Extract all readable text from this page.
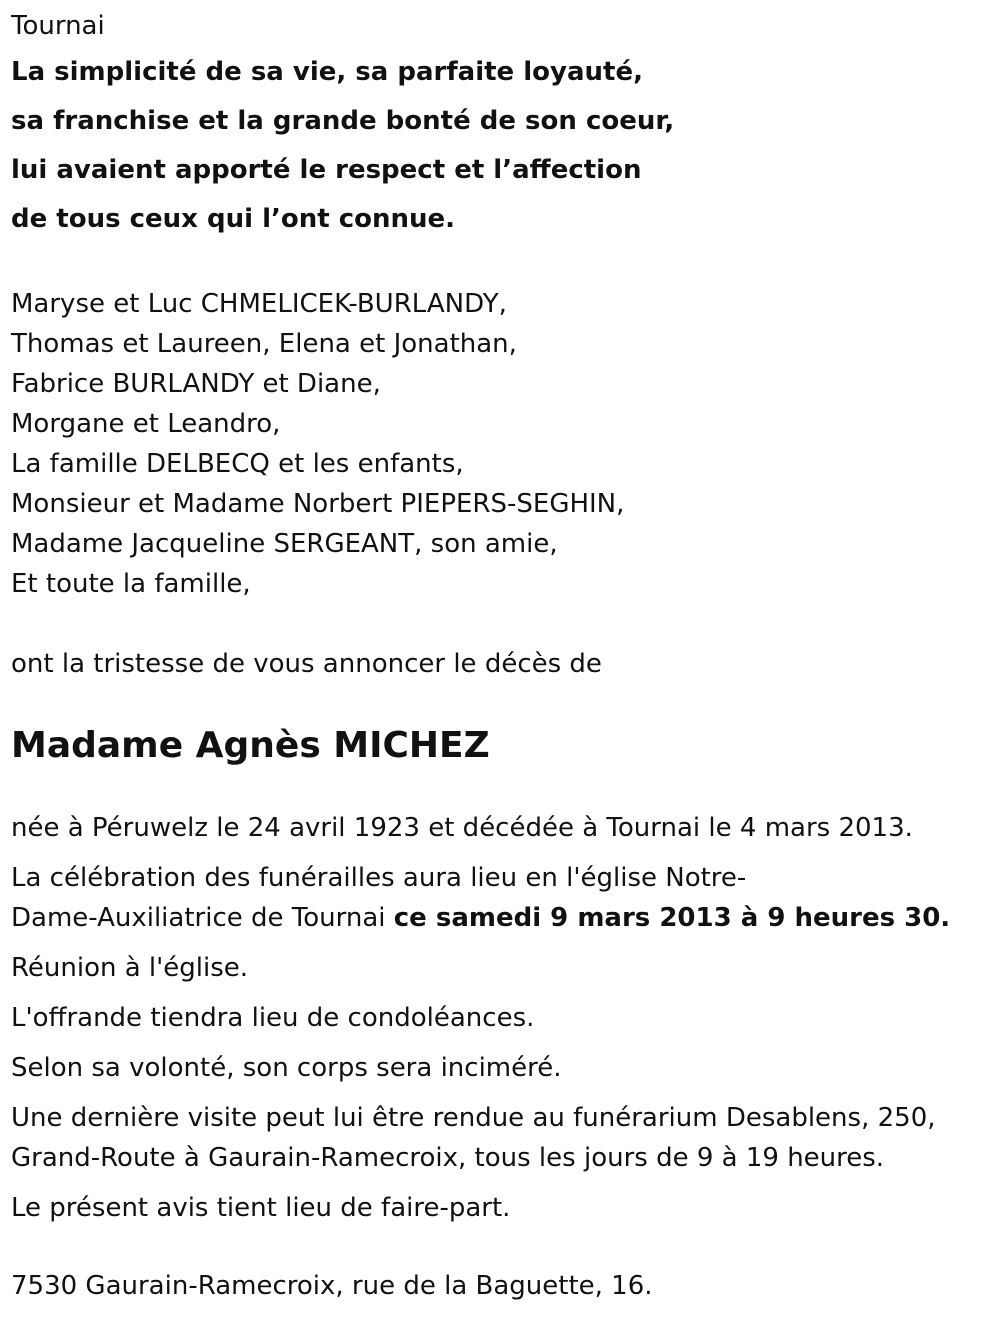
Tournai
La simplicité de sa vie, sa parfaite loyauté,
sa franchise et la grande bonté de son coeur,
lui avaient apporté le respect et l’affection
de tous ceux qui l’ont connue.
Maryse et Luc CHMELICEK-BURLANDY,
Thomas et Laureen, Elena et Jonathan,
Fabrice BURLANDY et Diane,
Morgane et Leandro,
La famille DELBECQ et les enfants,
Monsieur et Madame Norbert PIEPERS-SEGHIN,
Madame Jacqueline SERGEANT, son amie,
Et toute la famille,
ont la tristesse de vous annoncer le décès de
Madame Agnès MICHEZ
née à Péruwelz le 24 avril 1923 et décédée à Tournai le 4 mars 2013.
La célébration des funérailles aura lieu en l'église Notre-
Dame-Auxiliatrice de Tournai ce samedi 9 mars 2013 à 9 heures 30.
Réunion à l'église.
L'offrande tiendra lieu de condoléances.
Selon sa volonté, son corps sera inciméré.
Une dernière visite peut lui être rendue au funérarium Desablens, 250,
Grand-Route à Gaurain-Ramecroix, tous les jours de 9 à 19 heures.
Le présent avis tient lieu de faire-part.
7530 Gaurain-Ramecroix, rue de la Baguette, 16.
